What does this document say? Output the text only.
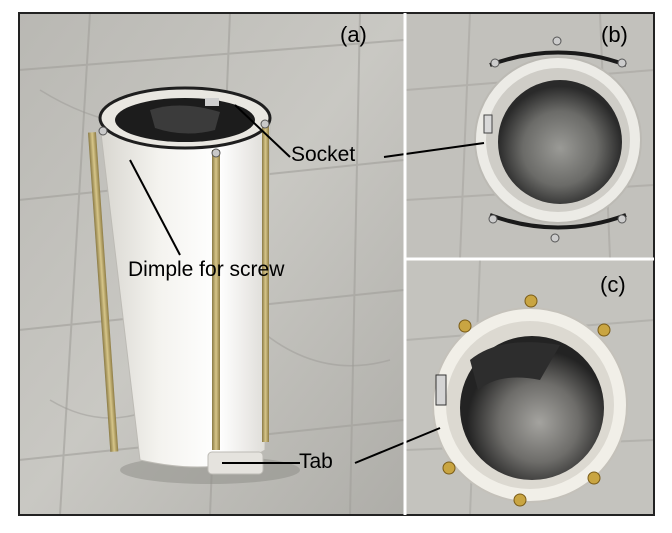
(a)	(b)
(c)
Socket
Dimple for screw
Tab
